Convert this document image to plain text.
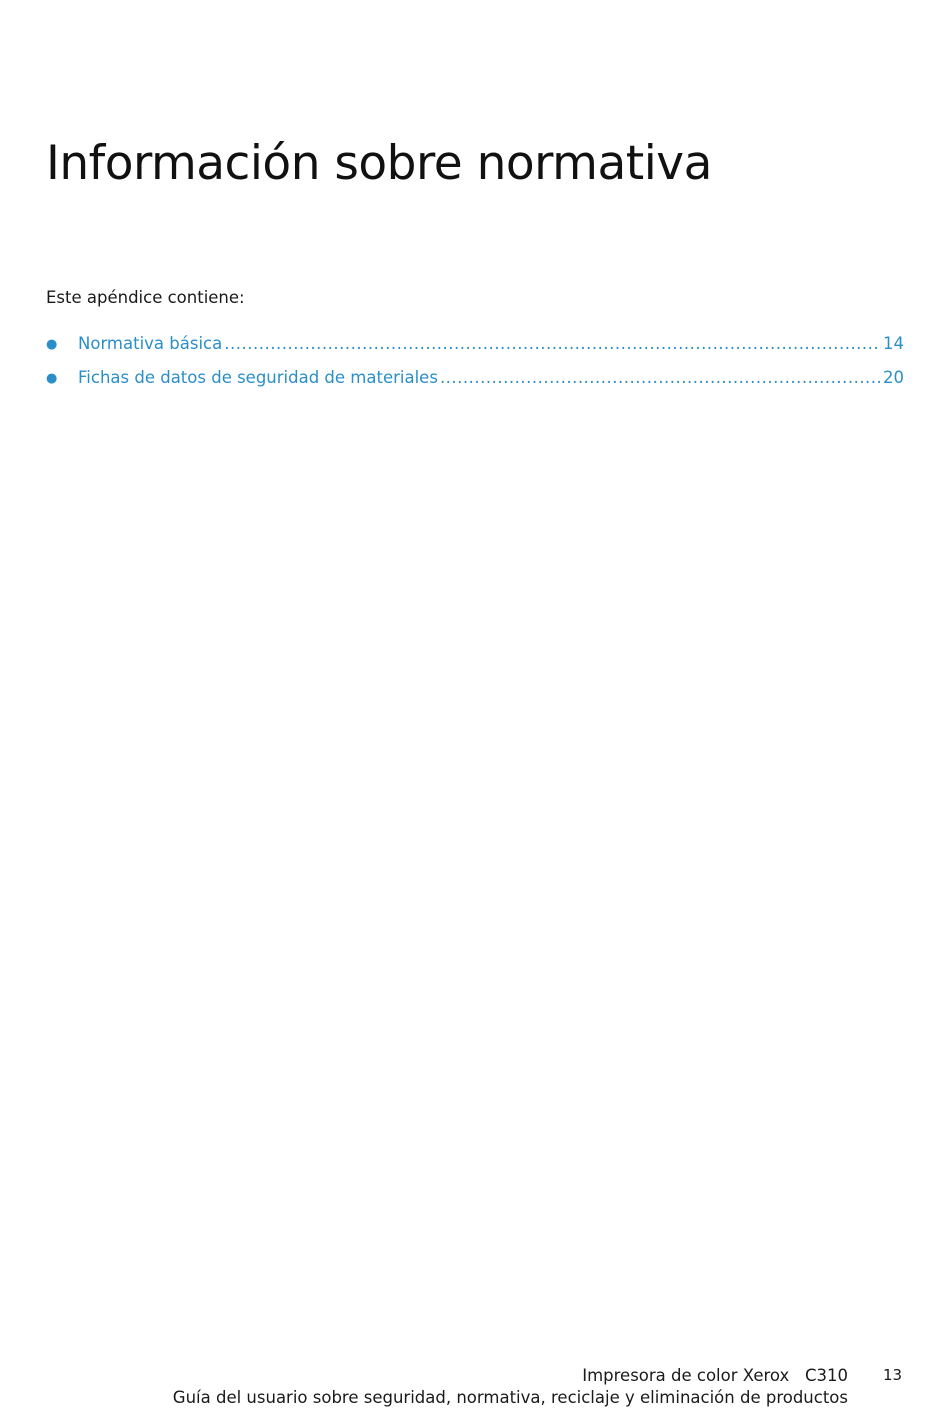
Información sobre normativa
Este apéndice contiene:
●	Normativa básica .....	14
●	Fichas de datos de seguridad de materiales .....	20
Impresora de color Xerox   C310
Guía del usuario sobre seguridad, normativa, reciclaje y eliminación de productos
13
